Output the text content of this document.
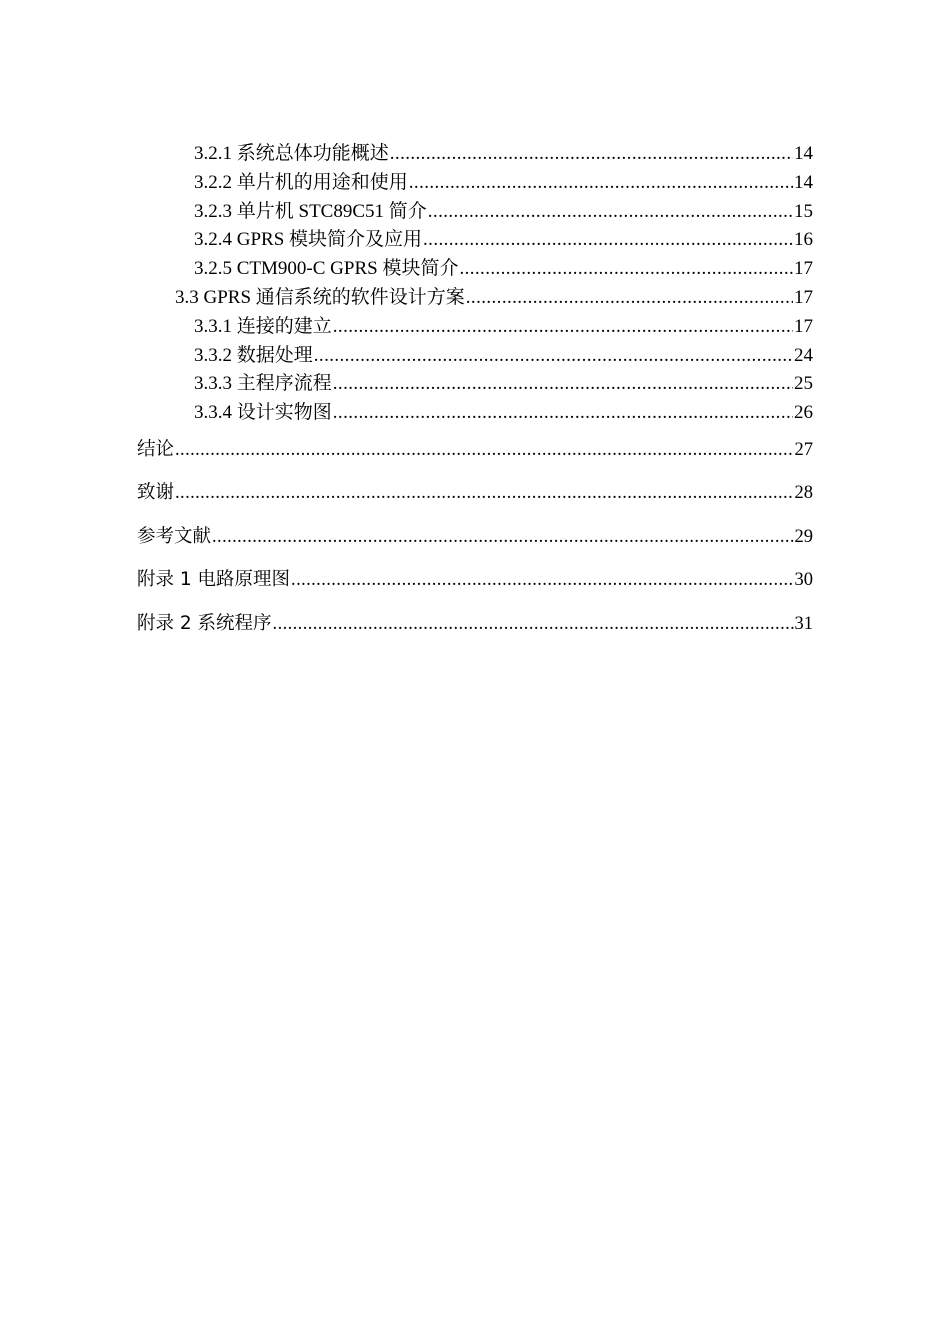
3.2.1 系统总体功能概述 .....	14
3.2.2 单片机的用途和使用 .....	14
3.2.3 单片机 STC89C51 简介 .....	15
3.2.4 GPRS 模块简介及应用 .....	16
3.2.5 CTM900-C GPRS 模块简介 .....	17
3.3 GPRS 通信系统的软件设计方案 .....	17
3.3.1 连接的建立 .....	17
3.3.2 数据处理 .....	24
3.3.3 主程序流程 .....	25
3.3.4 设计实物图 .....	26
结论 .....	27
致谢 .....	28
参考文献 .....	29
附录 1 电路原理图 .....	30
附录 2 系统程序 .....	31
